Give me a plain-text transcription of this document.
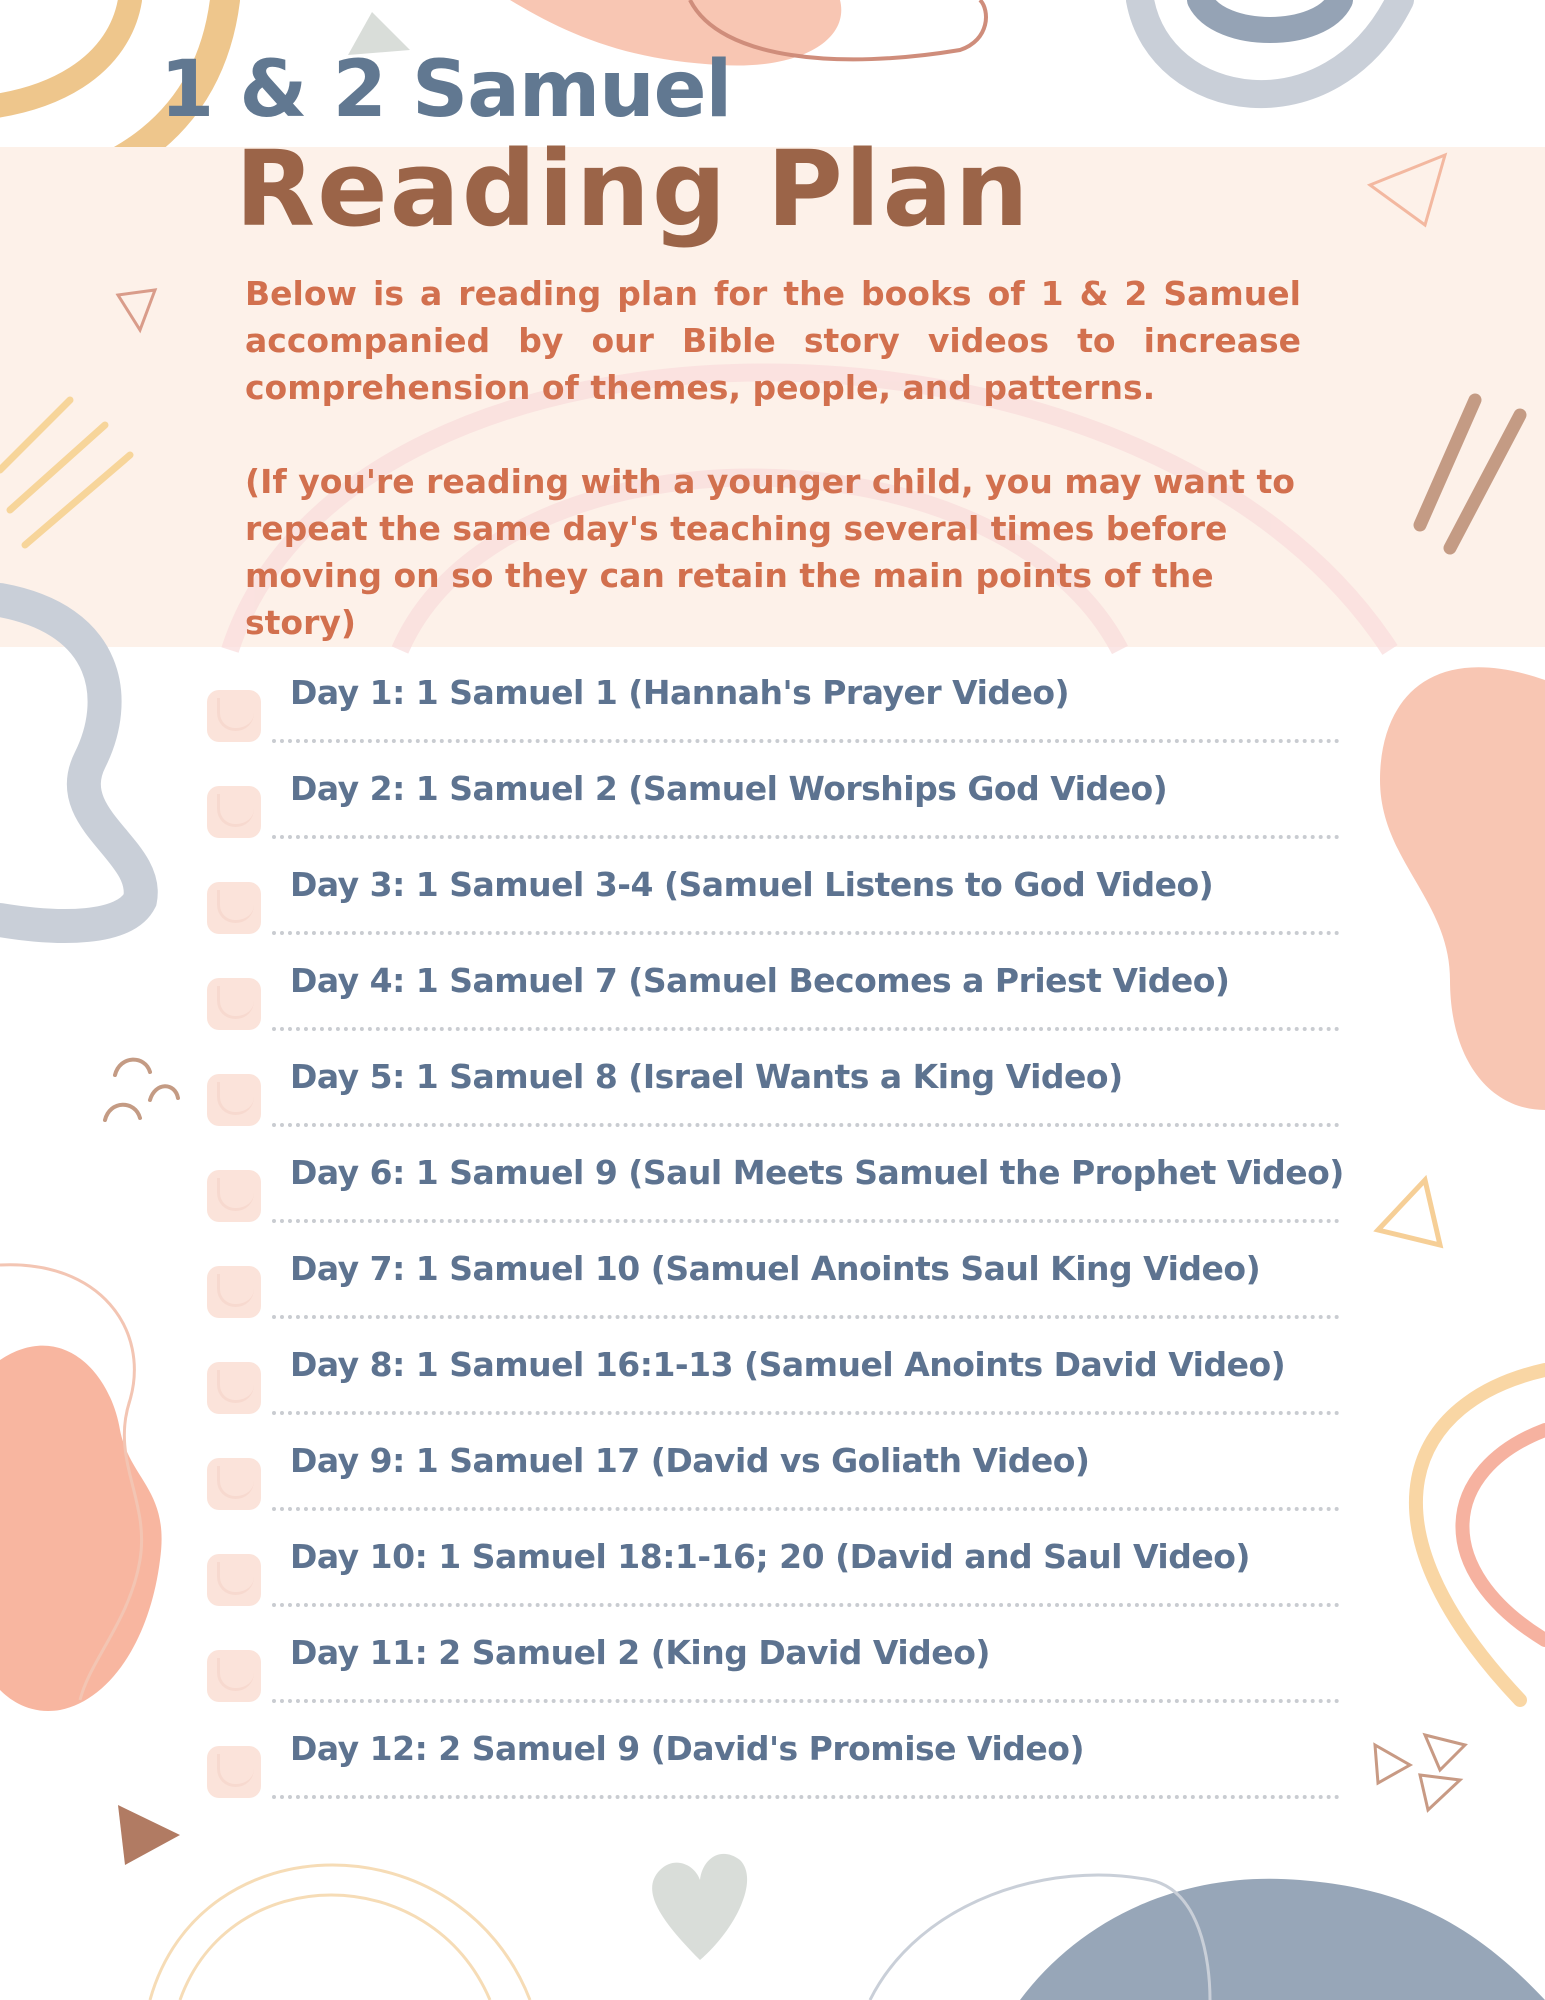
1 & 2 Samuel
Reading Plan

Below is a reading plan for the books of 1 & 2 Samuel accompanied by our Bible story videos to increase comprehension of themes, people, and patterns.

(If you're reading with a younger child, you may want to repeat the same day's teaching several times before moving on so they can retain the main points of the story)

Day 1: 1 Samuel 1 (Hannah's Prayer Video)
Day 2: 1 Samuel 2 (Samuel Worships God Video)
Day 3: 1 Samuel 3-4 (Samuel Listens to God Video)
Day 4: 1 Samuel 7 (Samuel Becomes a Priest Video)
Day 5: 1 Samuel 8 (Israel Wants a King Video)
Day 6: 1 Samuel 9 (Saul Meets Samuel the Prophet Video)
Day 7: 1 Samuel 10 (Samuel Anoints Saul King Video)
Day 8: 1 Samuel 16:1-13 (Samuel Anoints David Video)
Day 9: 1 Samuel 17 (David vs Goliath Video)
Day 10: 1 Samuel 18:1-16; 20 (David and Saul Video)
Day 11: 2 Samuel 2 (King David Video)
Day 12: 2 Samuel 9 (David's Promise Video)
